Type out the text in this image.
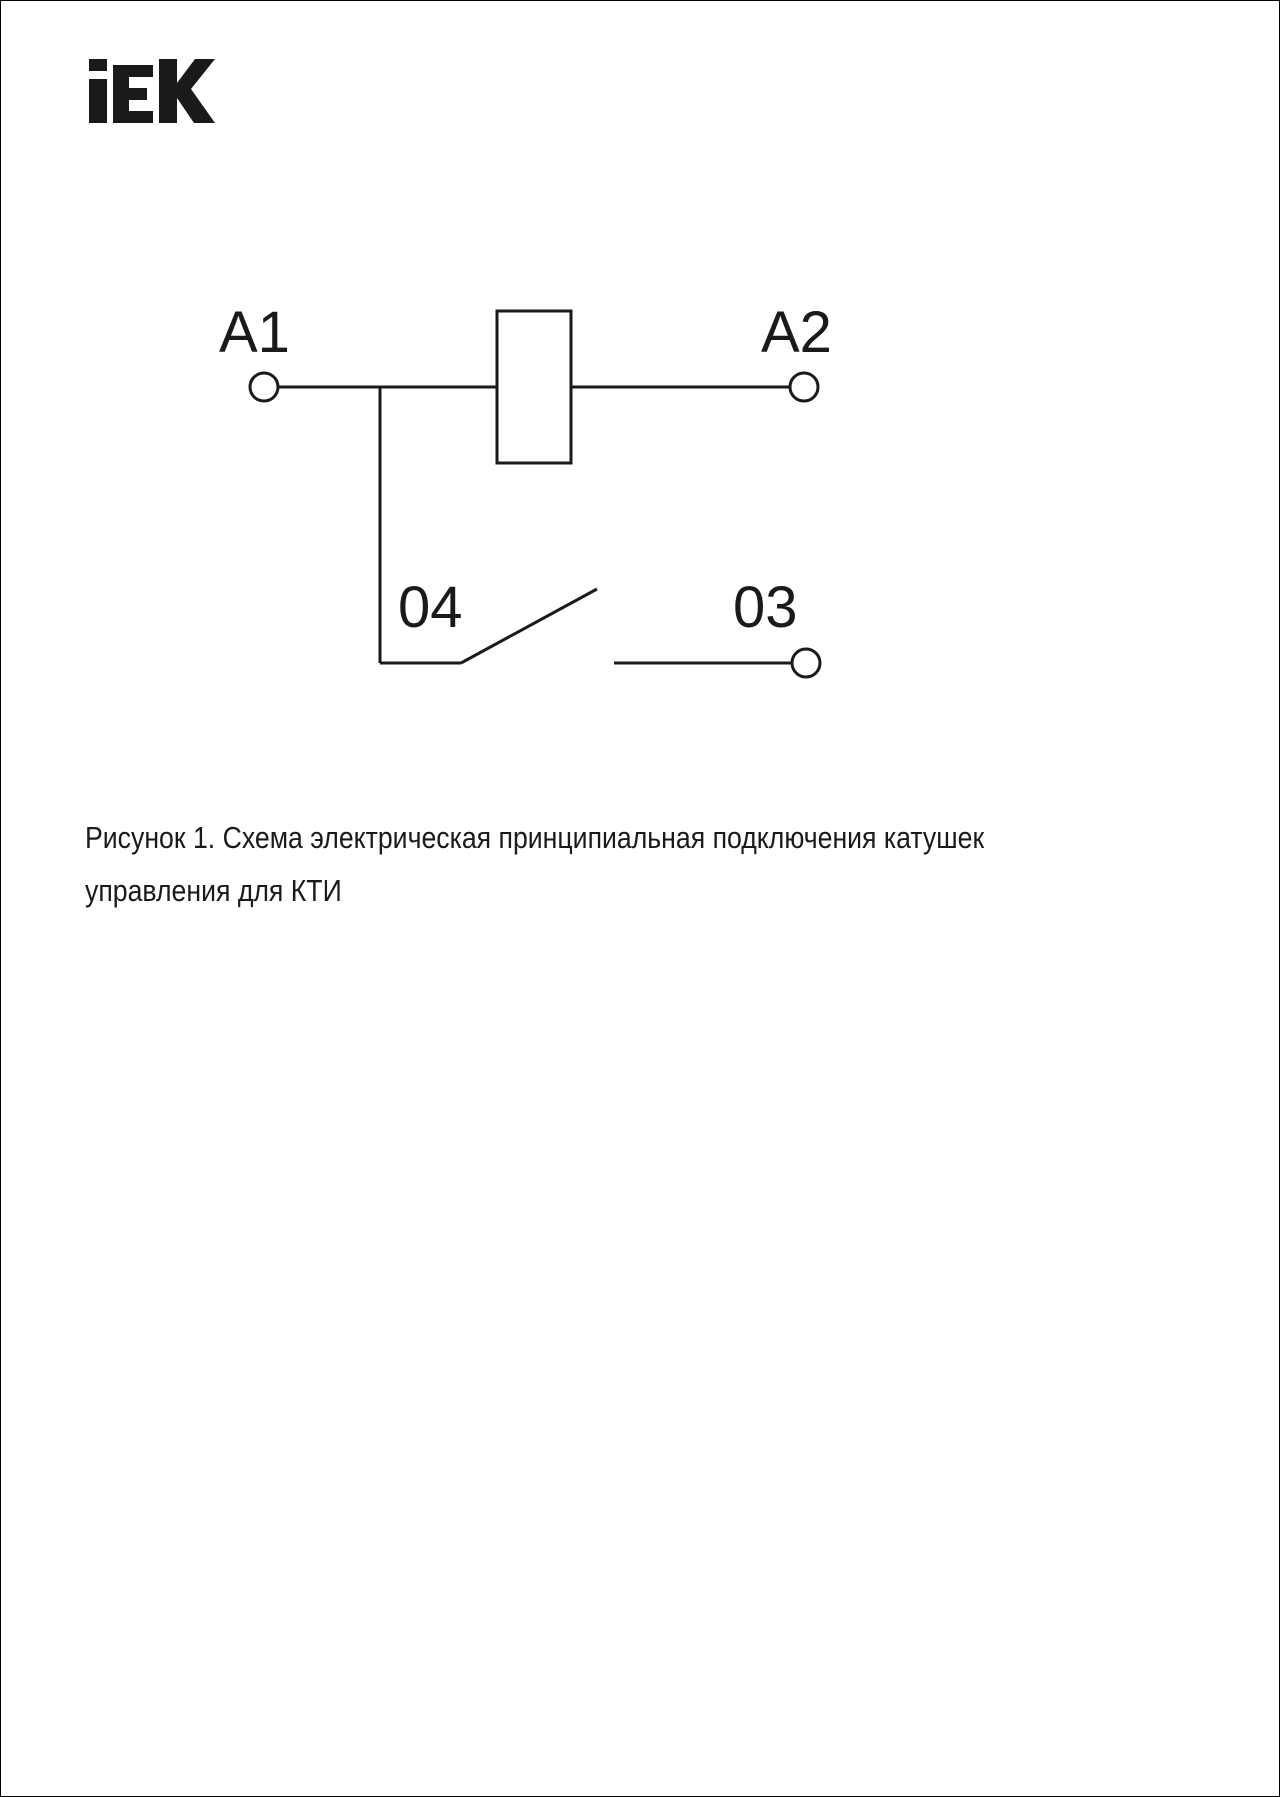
A1	A2
04	03

Рисунок 1. Схема электрическая принципиальная подключения катушек
управления для КТИ
